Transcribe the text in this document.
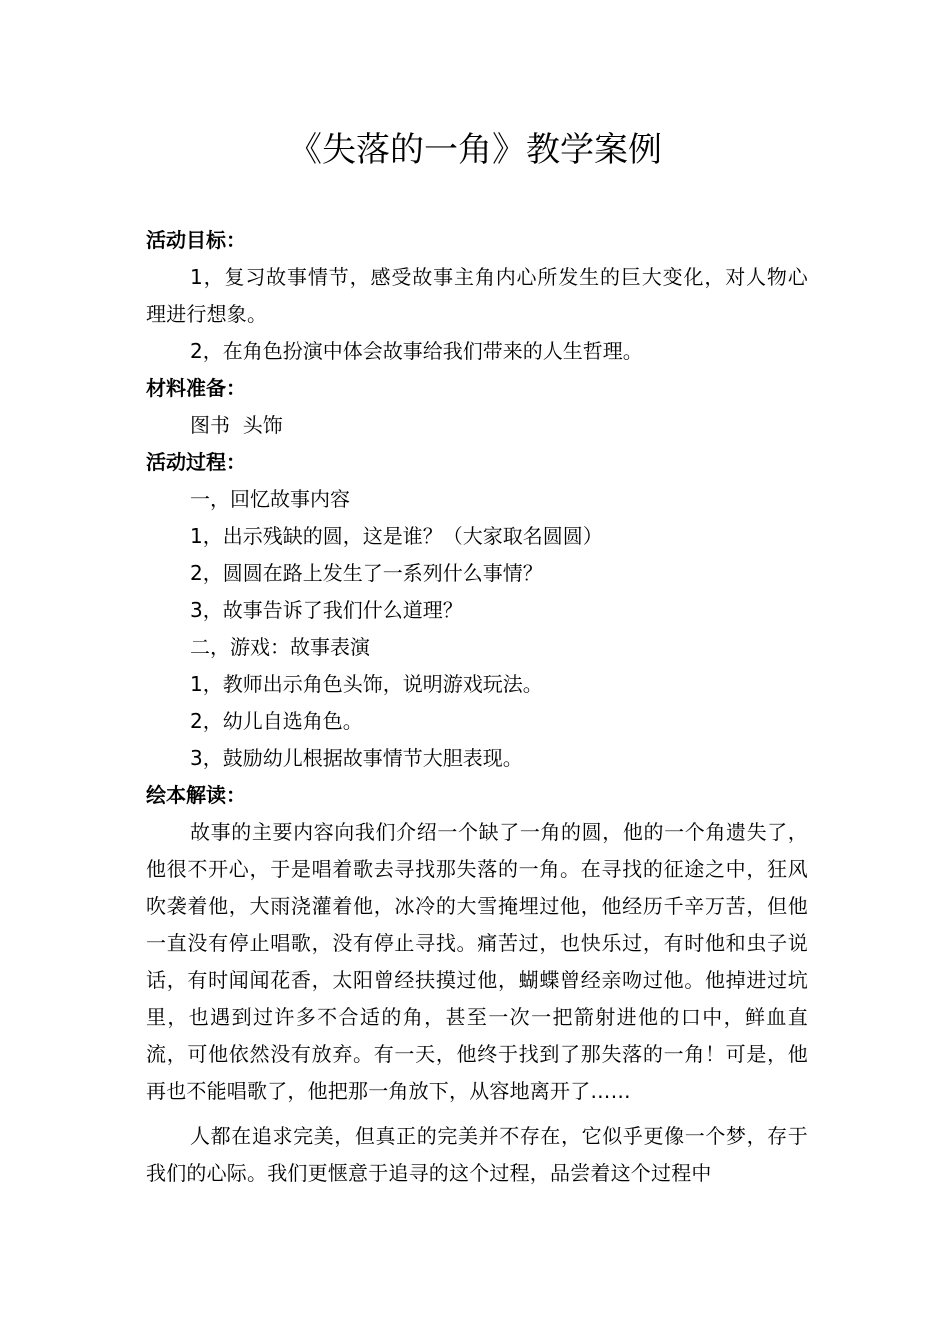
《失落的一角》教学案例

活动目标：

1，复习故事情节，感受故事主角内心所发生的巨大变化，对人物心理进行想象。

2，在角色扮演中体会故事给我们带来的人生哲理。

材料准备：

图书  头饰

活动过程：

一，回忆故事内容

1，出示残缺的圆，这是谁？（大家取名圆圆）

2，圆圆在路上发生了一系列什么事情？

3，故事告诉了我们什么道理？

二，游戏：故事表演

1，教师出示角色头饰，说明游戏玩法。

2，幼儿自选角色。

3，鼓励幼儿根据故事情节大胆表现。

绘本解读：

故事的主要内容向我们介绍一个缺了一角的圆，他的一个角遗失了，他很不开心，于是唱着歌去寻找那失落的一角。在寻找的征途之中，狂风吹袭着他，大雨浇灌着他，冰冷的大雪掩埋过他，他经历千辛万苦，但他一直没有停止唱歌，没有停止寻找。痛苦过，也快乐过，有时他和虫子说话，有时闻闻花香，太阳曾经扶摸过他，蝴蝶曾经亲吻过他。他掉进过坑里，也遇到过许多不合适的角，甚至一次一把箭射进他的口中，鲜血直流，可他依然没有放弃。有一天，他终于找到了那失落的一角！可是，他再也不能唱歌了，他把那一角放下，从容地离开了……

人都在追求完美，但真正的完美并不存在，它似乎更像一个梦，存于我们的心际。我们更惬意于追寻的这个过程，品尝着这个过程中
